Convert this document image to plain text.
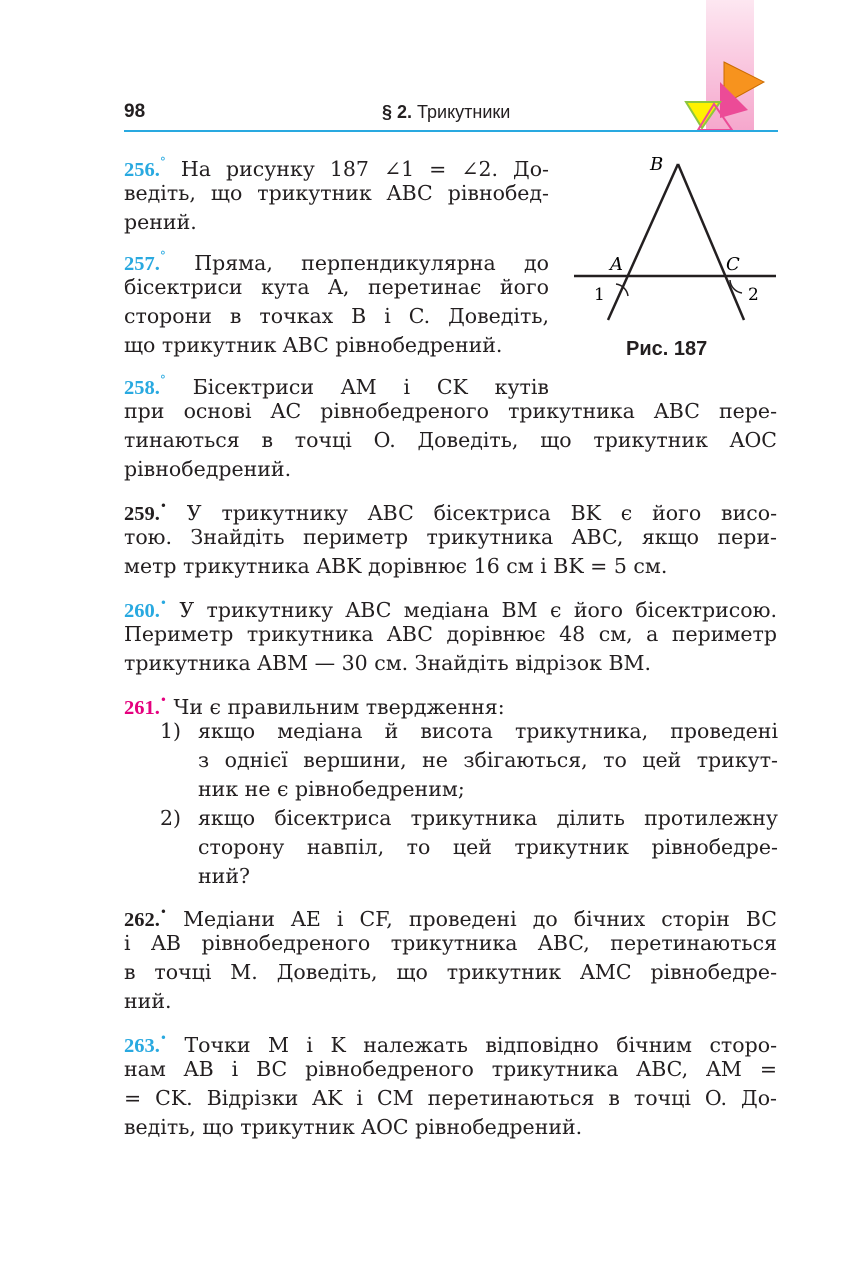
98	§ 2. Трикутники
B
A	C
1	2
Рис. 187
256.° На рисунку 187 ∠1 = ∠2. До-
ведіть, що трикутник ABC рівнобед-
рений.
257.° Пряма, перпендикулярна до
бісектриси кута A, перетинає його
сторони в точках B і C. Доведіть,
що трикутник ABC рівнобедрений.
258.° Бісектриси AM і CK кутів
при основі AC рівнобедреного трикутника ABC пере-
тинаються в точці O. Доведіть, що трикутник AOC
рівнобедрений.
259.• У трикутнику ABC бісектриса BK є його висо-
тою. Знайдіть периметр трикутника ABC, якщо пери-
метр трикутника ABK дорівнює 16 см і BK = 5 см.
260.• У трикутнику ABC медіана BM є його бісектрисою.
Периметр трикутника ABC дорівнює 48 см, а периметр
трикутника ABM — 30 см. Знайдіть відрізок BM.
261.• Чи є правильним твердження:
1) якщо медіана й висота трикутника, проведені
з однієї вершини, не збігаються, то цей трикут-
ник не є рівнобедреним;
2) якщо бісектриса трикутника ділить протилежну
сторону навпіл, то цей трикутник рівнобедре-
ний?
262.• Медіани AE і CF, проведені до бічних сторін BC
і AB рівнобедреного трикутника ABC, перетинаються
в точці M. Доведіть, що трикутник AMC рівнобедре-
ний.
263.• Точки M і K належать відповідно бічним сторо-
нам AB і BC рівнобедреного трикутника ABC, AM =
= CK. Відрізки AK і CM перетинаються в точці O. До-
ведіть, що трикутник AOC рівнобедрений.
